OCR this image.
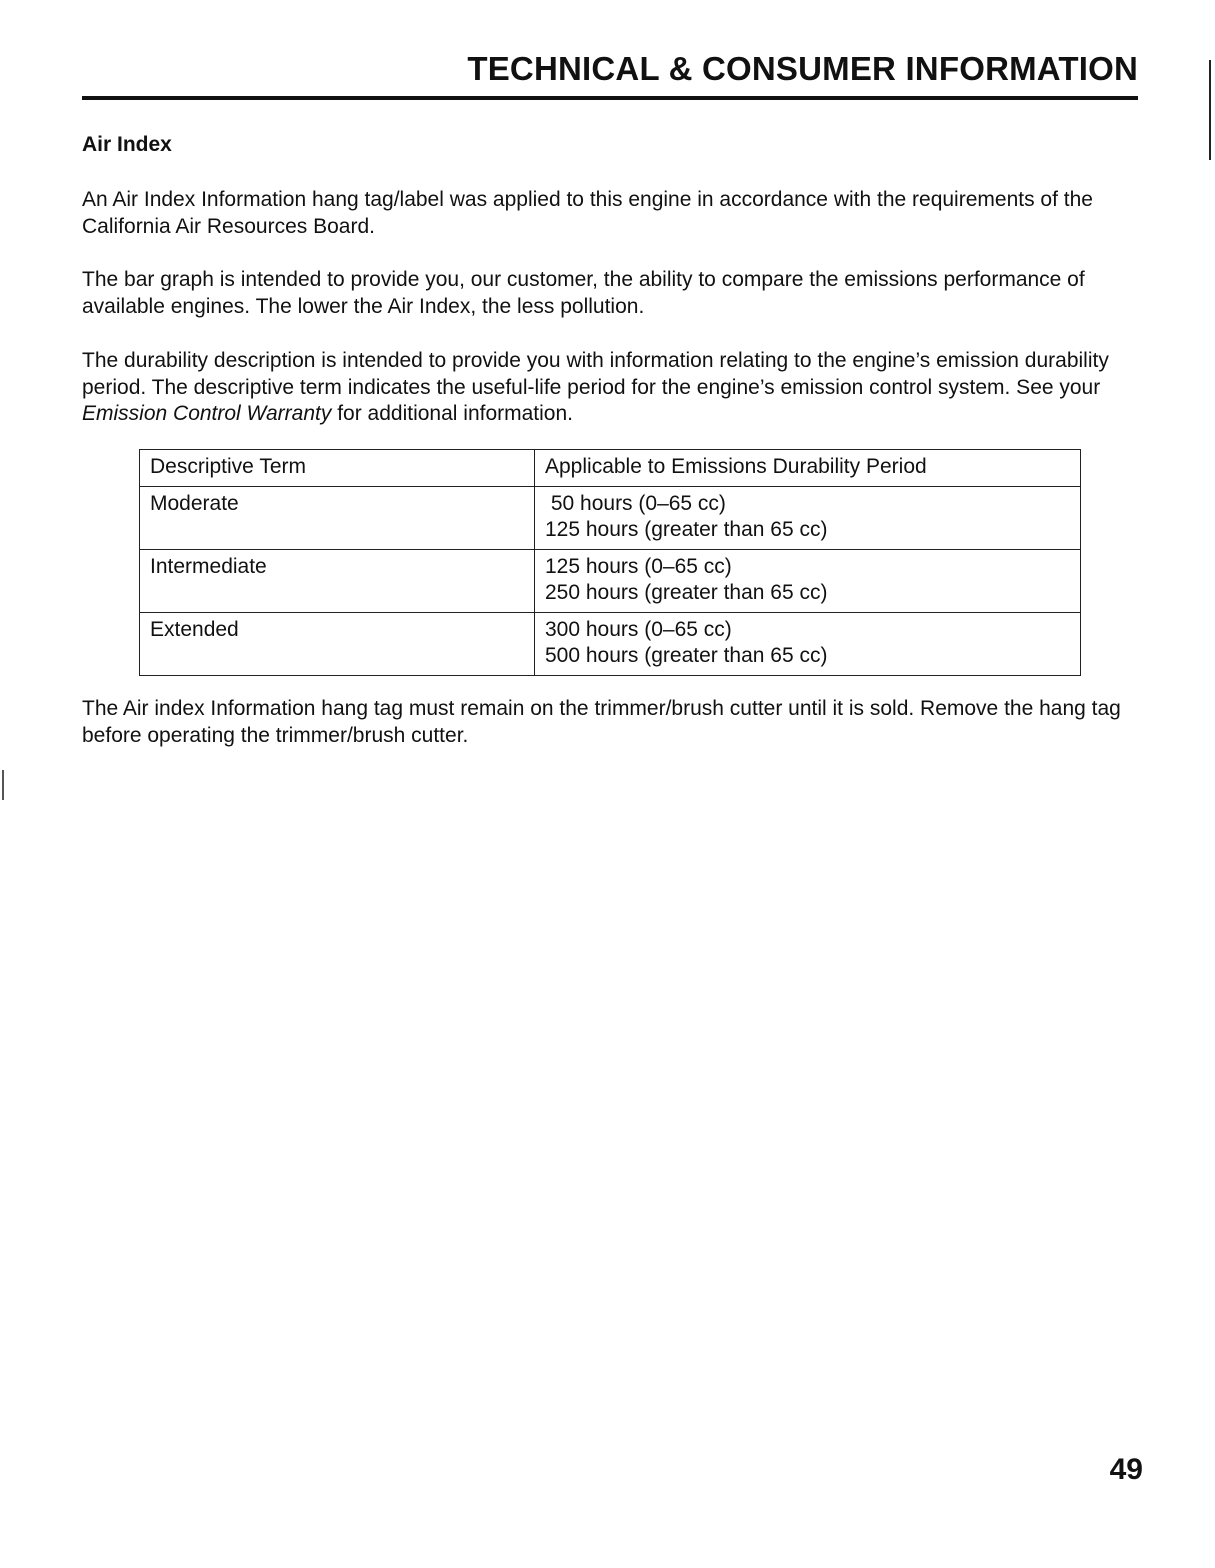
TECHNICAL & CONSUMER INFORMATION
Air Index

An Air Index Information hang tag/label was applied to this engine in accordance with the requirements of the California Air Resources Board.

The bar graph is intended to provide you, our customer, the ability to compare the emissions performance of available engines. The lower the Air Index, the less pollution.

The durability description is intended to provide you with information relating to the engine’s emission durability period. The descriptive term indicates the useful-life period for the engine’s emission control system. See your Emission Control Warranty for additional information.

Descriptive Term	Applicable to Emissions Durability Period
Moderate	50 hours (0–65 cc)
125 hours (greater than 65 cc)

Intermediate	125 hours (0–65 cc)
250 hours (greater than 65 cc)

Extended	300 hours (0–65 cc)
500 hours (greater than 65 cc)

The Air index Information hang tag must remain on the trimmer/brush cutter until it is sold. Remove the hang tag before operating the trimmer/brush cutter.

49
